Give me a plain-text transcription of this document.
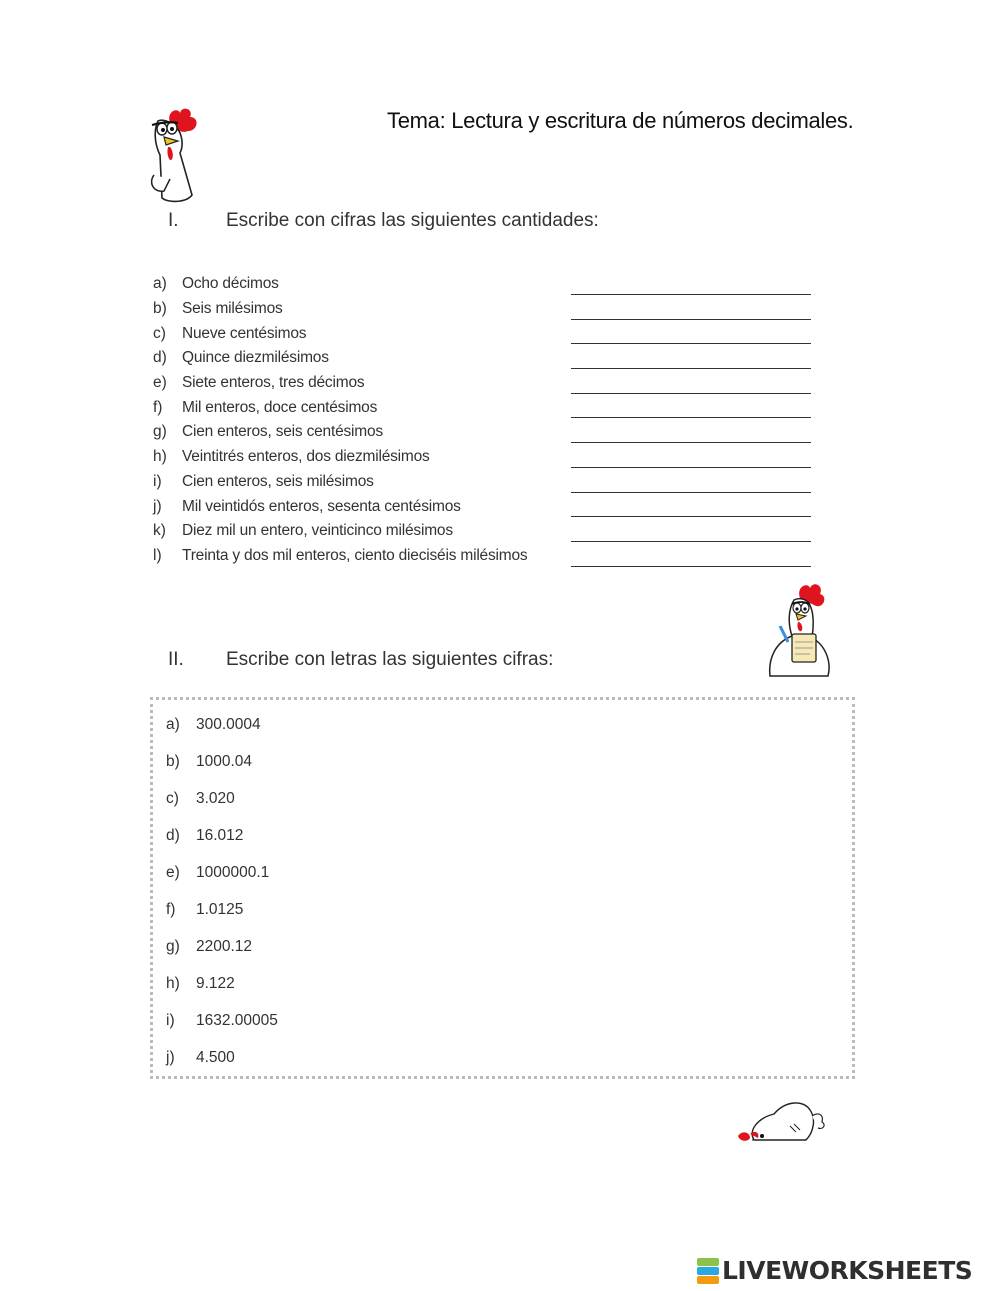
Tema: Lectura y escritura de números decimales.
I. Escribe con cifras las siguientes cantidades:
a) Ocho décimos
b) Seis milésimos
c)	Nueve centésimos
d) Quince diezmilésimos
e) Siete enteros, tres décimos
f)	Mil enteros, doce centésimos
g) Cien enteros, seis centésimos
h) Veintitrés enteros, dos diezmilésimos
i)	Cien enteros, seis milésimos
j)	Mil veintidós enteros, sesenta centésimos
k)	Diez mil un entero, veinticinco milésimos
l)	Treinta y dos mil enteros, ciento dieciséis milésimos
II. Escribe con letras las siguientes cifras:
a)	300.0004
b)	1000.04
c)	3.020
d)	16.012
e)	1000000.1
f)	1.0125
g)	2200.12
h)	9.122
i)	1632.00005
j)	4.500
LIVEWORKSHEETS
